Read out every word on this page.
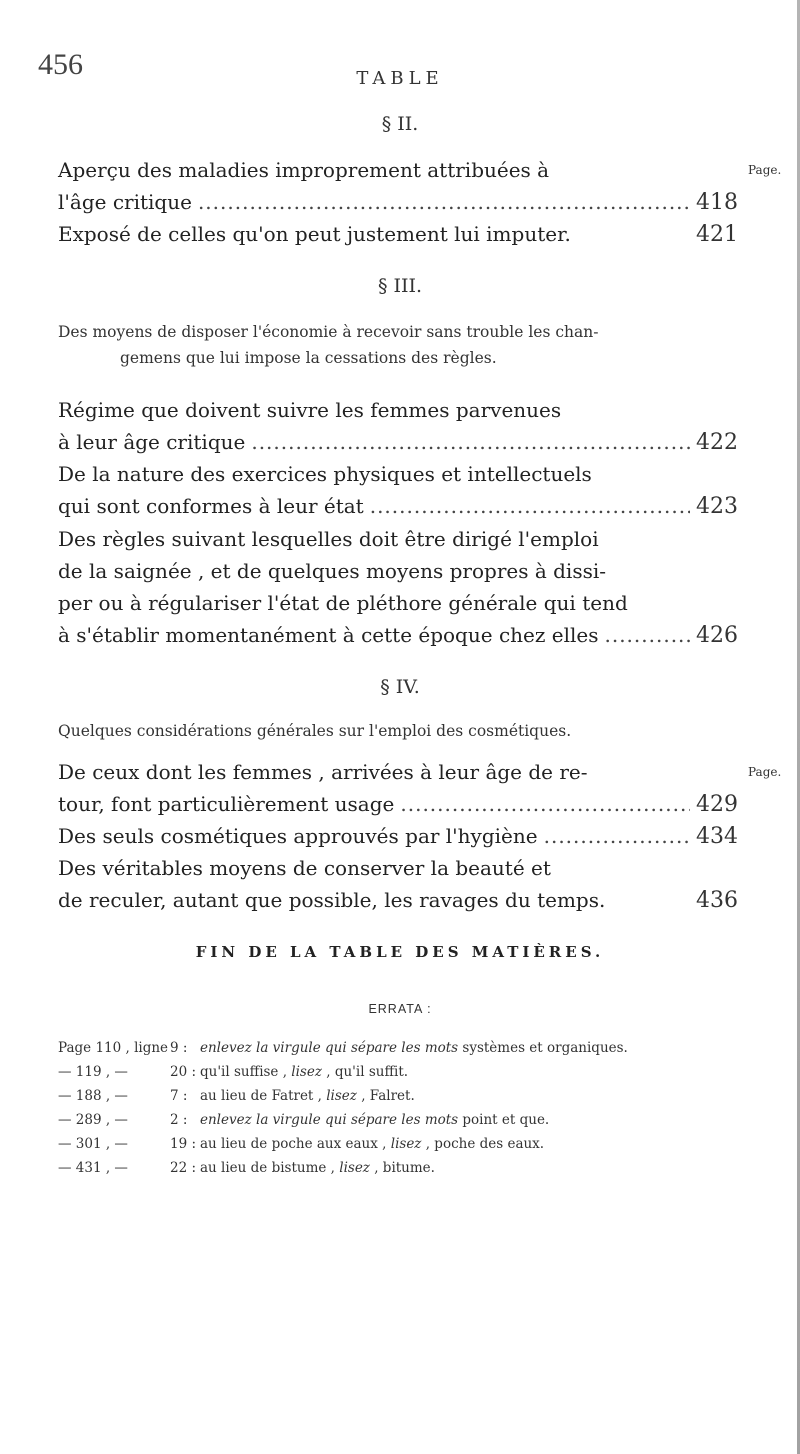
456	TABLE
§ II.
Aperçu des maladies improprement attribuées à	Page.
l'âge critique .....	418
Exposé de celles qu'on peut justement lui imputer.	421
§ III.
Des moyens de disposer l'économie à recevoir sans trouble les chan-
gemens que lui impose la cessations des règles.
Régime que doivent suivre les femmes parvenues
à leur âge critique .....	422
De la nature des exercices physiques et intellectuels
qui sont conformes à leur état .....	423
Des règles suivant lesquelles doit être dirigé l'emploi
de la saignée , et de quelques moyens propres à dissi-
per ou à régulariser l'état de pléthore générale qui tend
à s'établir momentanément à cette époque chez elles .....	426
§ IV.
Quelques considérations générales sur l'emploi des cosmétiques.
De ceux dont les femmes , arrivées à leur âge de re-	Page.
tour, font particulièrement usage .....	429
Des seuls cosmétiques approuvés par l'hygiène .....	434
Des véritables moyens de conserver la beauté et
de reculer, autant que possible, les ravages du temps.	436
FIN DE LA TABLE DES MATIÈRES.
ERRATA :
Page 110 , ligne 9 : enlevez la virgule qui sépare les mots systèmes et organiques.
— 119 , —	20 : qu'il suffise , lisez , qu'il suffit.
— 188 , —	7 : au lieu de Fatret , lisez , Falret.
— 289 , —	2 : enlevez la virgule qui sépare les mots point et que.
— 301 , —	19 : au lieu de poche aux eaux , lisez , poche des eaux.
— 431 , —	22 : au lieu de bistume , lisez , bitume.
